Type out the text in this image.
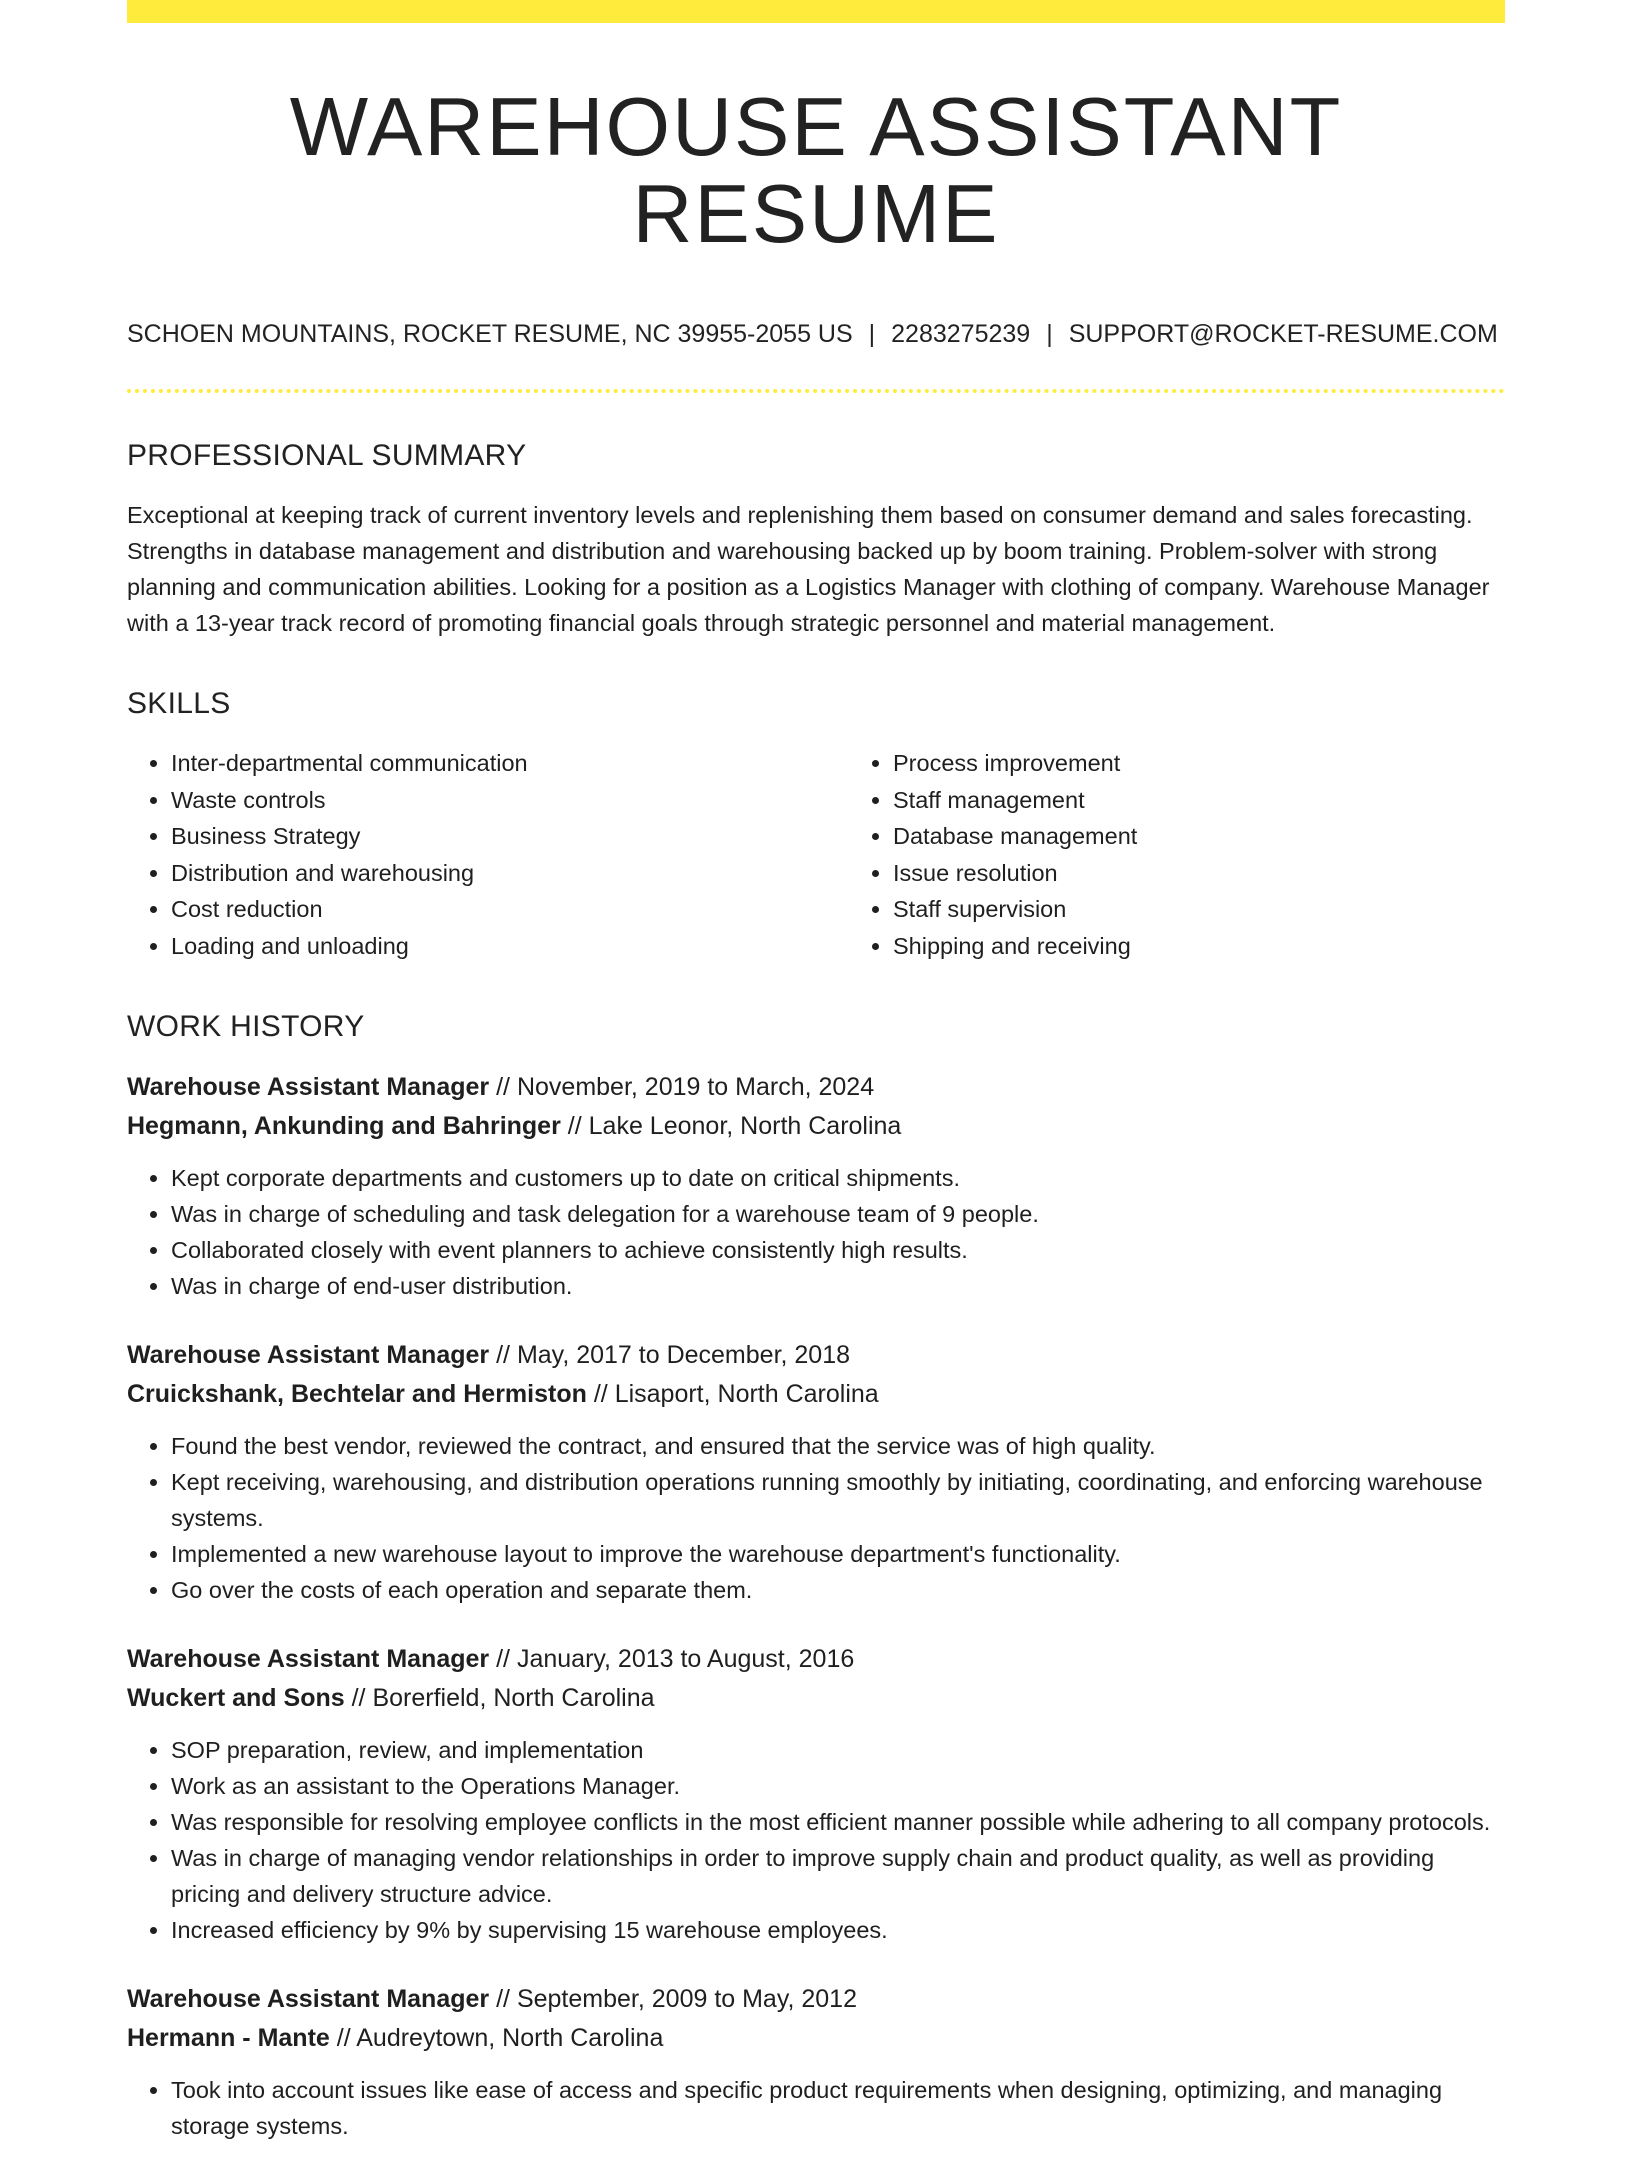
WAREHOUSE ASSISTANT RESUME
SCHOEN MOUNTAINS, ROCKET RESUME, NC 39955-2055 US | 2283275239 | SUPPORT@ROCKET-RESUME.COM
PROFESSIONAL SUMMARY

Exceptional at keeping track of current inventory levels and replenishing them based on consumer demand and sales forecasting. Strengths in database management and distribution and warehousing backed up by boom training. Problem-solver with strong planning and communication abilities. Looking for a position as a Logistics Manager with clothing of company. Warehouse Manager with a 13-year track record of promoting financial goals through strategic personnel and material management.

SKILLS
• Inter-departmental communication
• Waste controls
• Business Strategy
• Distribution and warehousing
• Cost reduction
• Loading and unloading
• Process improvement
• Staff management
• Database management
• Issue resolution
• Staff supervision
• Shipping and receiving
WORK HISTORY

Warehouse Assistant Manager // November, 2019 to March, 2024

Hegmann, Ankunding and Bahringer // Lake Leonor, North Carolina

• Kept corporate departments and customers up to date on critical shipments.
• Was in charge of scheduling and task delegation for a warehouse team of 9 people.
• Collaborated closely with event planners to achieve consistently high results.
• Was in charge of end-user distribution.

Warehouse Assistant Manager // May, 2017 to December, 2018

Cruickshank, Bechtelar and Hermiston // Lisaport, North Carolina

• Found the best vendor, reviewed the contract, and ensured that the service was of high quality.
• Kept receiving, warehousing, and distribution operations running smoothly by initiating, coordinating, and enforcing warehouse systems.
• Implemented a new warehouse layout to improve the warehouse department's functionality.
• Go over the costs of each operation and separate them.

Warehouse Assistant Manager // January, 2013 to August, 2016

Wuckert and Sons // Borerfield, North Carolina

• SOP preparation, review, and implementation
• Work as an assistant to the Operations Manager.
• Was responsible for resolving employee conflicts in the most efficient manner possible while adhering to all company protocols.
• Was in charge of managing vendor relationships in order to improve supply chain and product quality, as well as providing pricing and delivery structure advice.
• Increased efficiency by 9% by supervising 15 warehouse employees.

Warehouse Assistant Manager // September, 2009 to May, 2012

Hermann - Mante // Audreytown, North Carolina

• Took into account issues like ease of access and specific product requirements when designing, optimizing, and managing storage systems.
